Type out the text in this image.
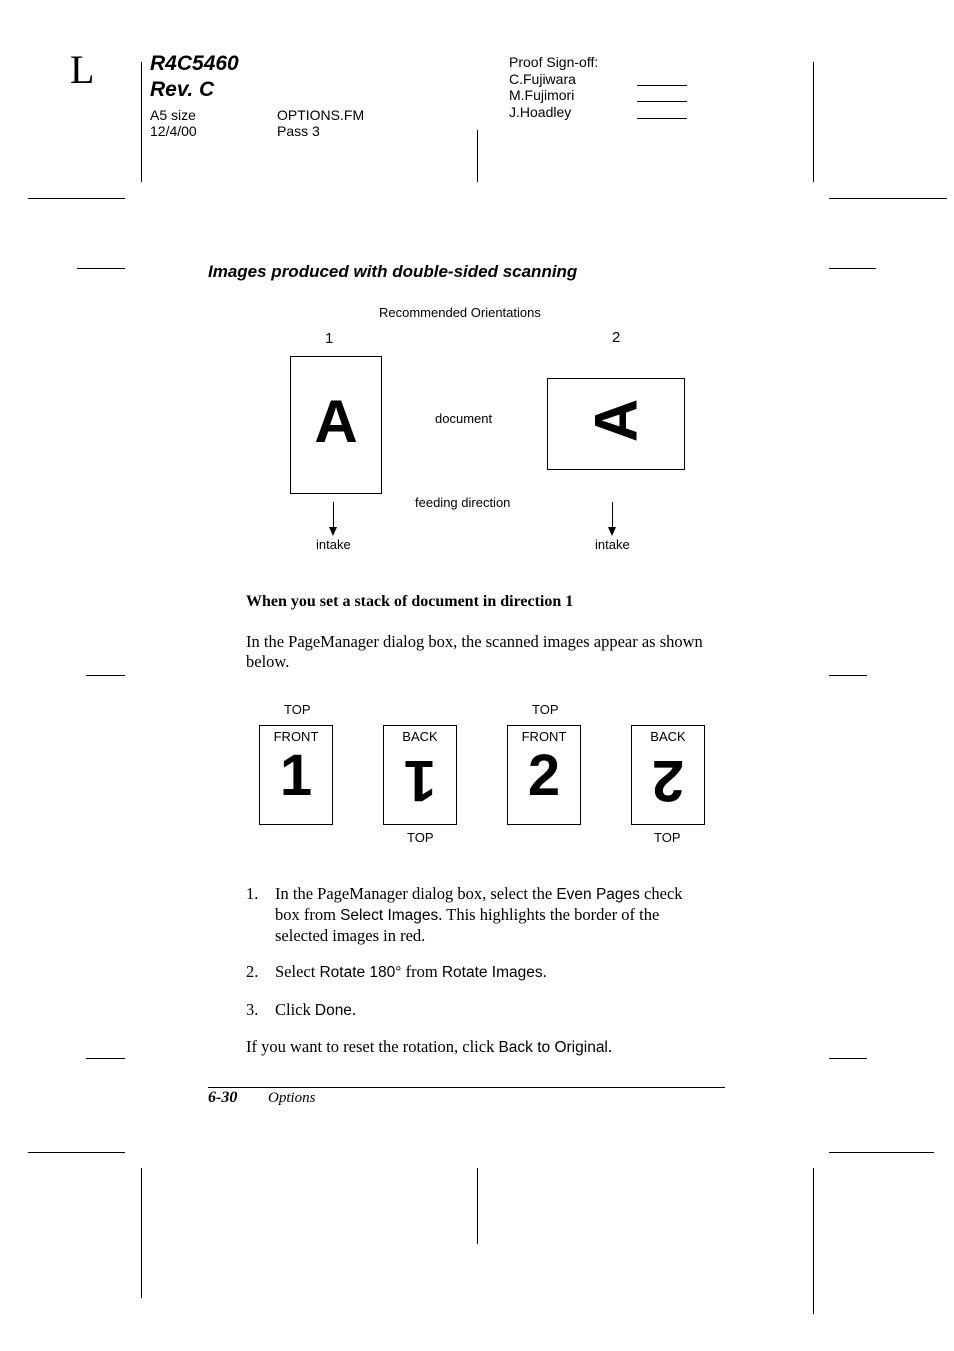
L	R4C5460
Rev. C
A5 size
12/4/00
OPTIONS.FM
Pass 3
Proof Sign-off:
C.Fujiwara
M.Fujimori
J.Hoadley
Images produced with double-sided scanning
Recommended Orientations
1	2
A	document A
feeding direction
intake	intake
When you set a stack of document in direction 1
In the PageManager dialog box, the scanned images appear as shown below.
TOP	TOP
FRONT
1
BACK
1
FRONT
2
BACK
2
TOP	TOP
1. In the PageManager dialog box, select the Even Pages check
box from Select Images. This highlights the border of the
selected images in red.
2. Select Rotate 180° from Rotate Images.
3. Click Done.
If you want to reset the rotation, click Back to Original.
6-30 Options
